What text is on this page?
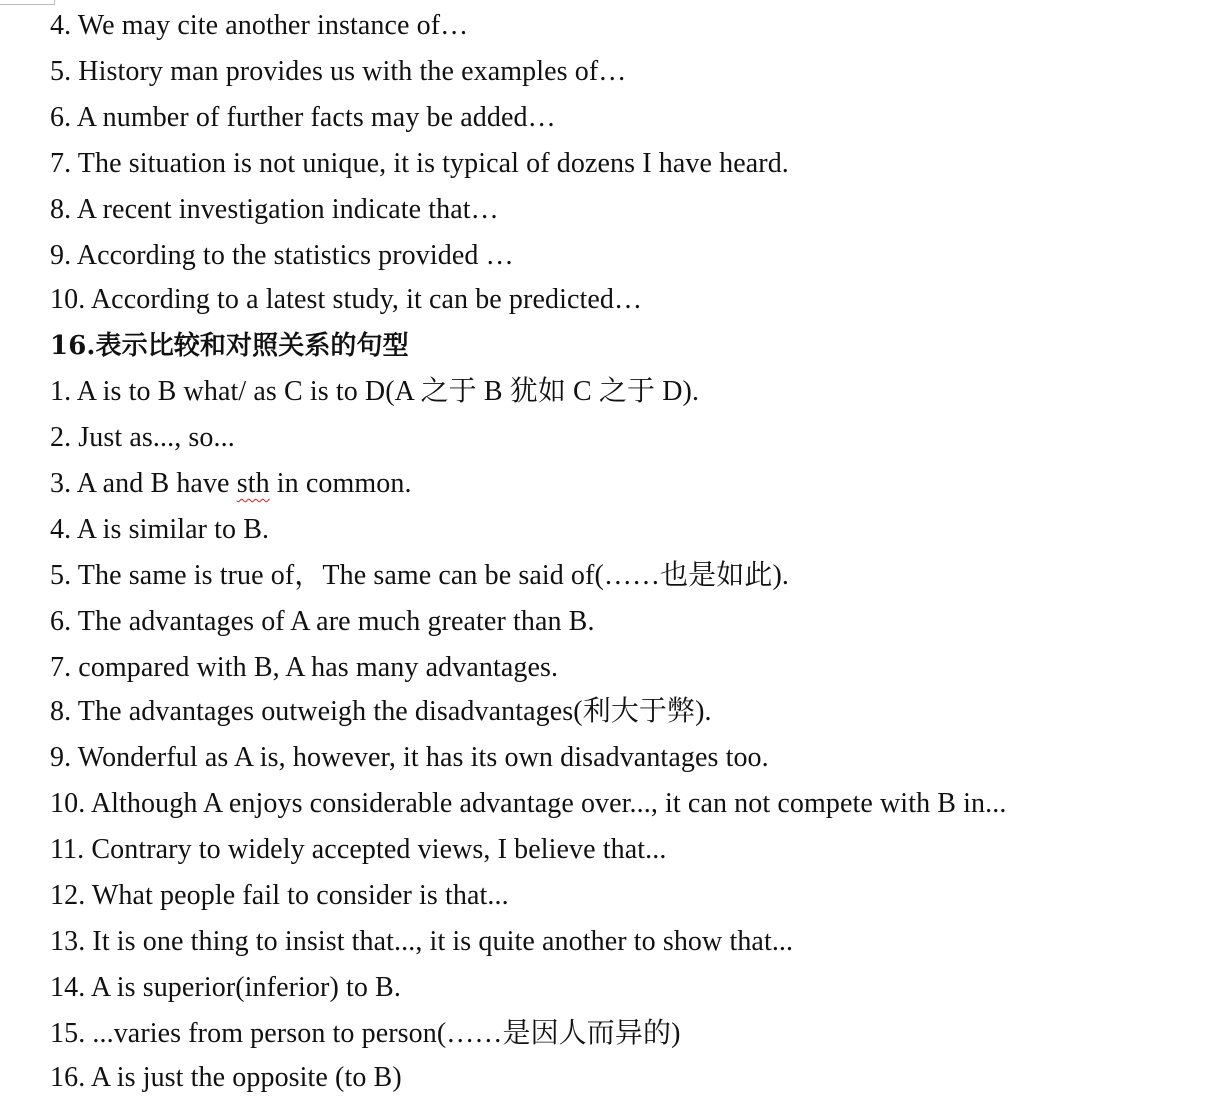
4. We may cite another instance of…
5. History man provides us with the examples of…
6. A number of further facts may be added…
7. The situation is not unique, it is typical of dozens I have heard.
8. A recent investigation indicate that…
9. According to the statistics provided …
10. According to a latest study, it can be predicted…
16.表示比较和对照关系的句型
1. A is to B what/ as C is to D(A 之于 B 犹如 C 之于 D).
2. Just as..., so...
3. A and B have sth in common.
4. A is similar to B.
5. The same is true of，The same can be said of(……也是如此).
6. The advantages of A are much greater than B.
7. compared with B, A has many advantages.
8. The advantages outweigh the disadvantages(利大于弊).
9. Wonderful as A is, however, it has its own disadvantages too.
10. Although A enjoys considerable advantage over..., it can not compete with B in...
11. Contrary to widely accepted views, I believe that...
12. What people fail to consider is that...
13. It is one thing to insist that..., it is quite another to show that...
14. A is superior(inferior) to B.
15. ...varies from person to person(……是因人而异的)
16. A is just the opposite (to B)
